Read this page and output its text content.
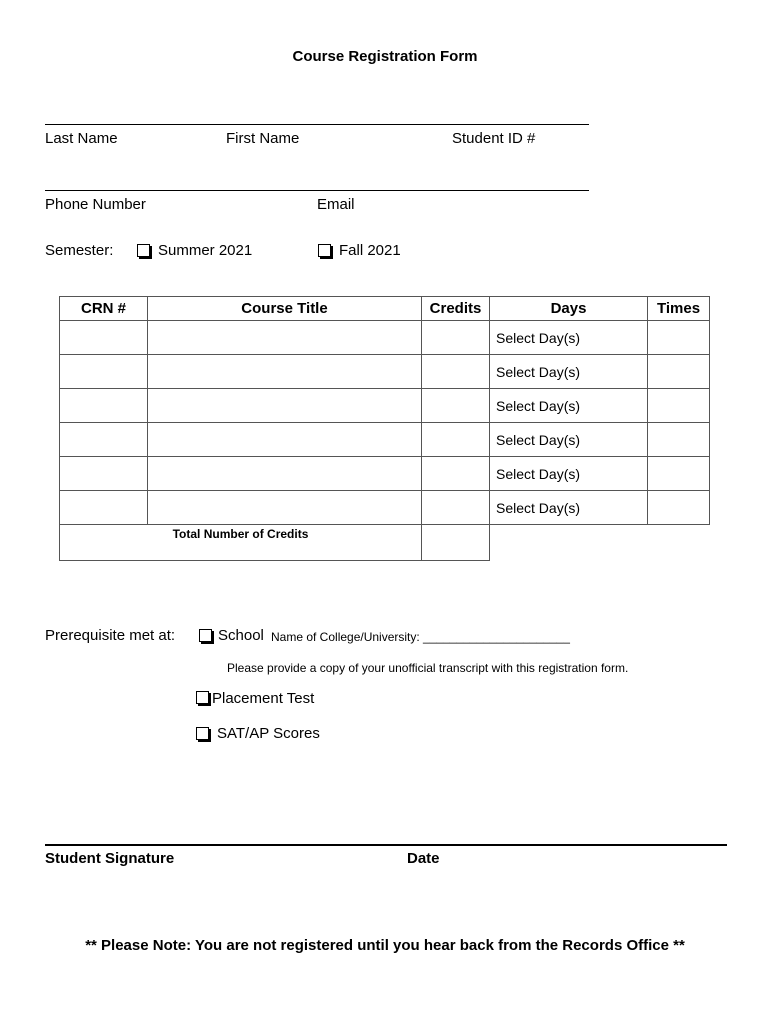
Course Registration Form
Last Name	First Name	Student ID #
Phone Number	Email
Semester:	Summer 2021	Fall 2021
CRN #	Course Title	Credits	Days	Times
			Select Day(s)	
			Select Day(s)	
			Select Day(s)	
			Select Day(s)	
			Select Day(s)	
			Select Day(s)	
Total Number of Credits				
Prerequisite met at:	School Name of College/University: ______________________
Please provide a copy of your unofficial transcript with this registration form.
Placement Test
SAT/AP Scores
Student Signature	Date
** Please Note: You are not registered until you hear back from the Records Office **
